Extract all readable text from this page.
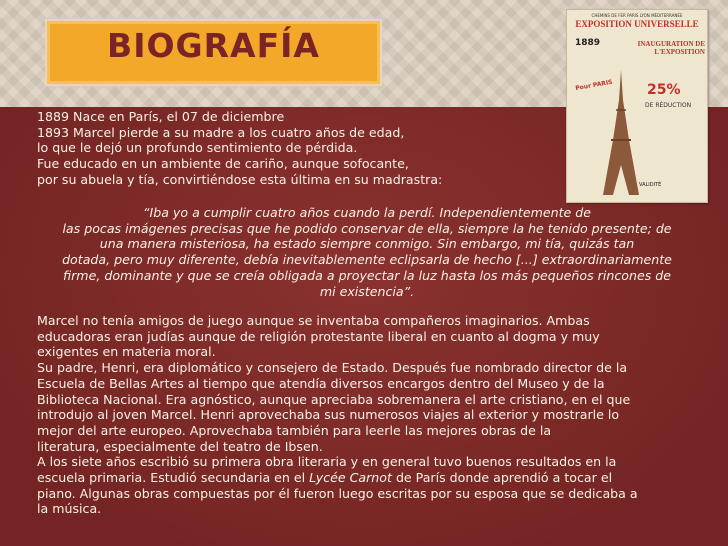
BIOGRAFÍA
CHEMINS DE FER PARIS LYON MÉDITERRANÉE
EXPOSITION UNIVERSELLE
1889	INAUGURATION DE L'EXPOSITION
25%
DE RÉDUCTION
Pour PARIS
VALIDITÉ
1889 Nace en París, el 07 de diciembre
1893 Marcel pierde a su madre a los cuatro años de edad,
lo que le dejó un profundo sentimiento de pérdida.
Fue educado en un ambiente de cariño, aunque sofocante,
por su abuela y tía, convirtiéndose esta última en su madrastra:
“Iba yo a cumplir cuatro años cuando la perdí. Independientemente de
las pocas imágenes precisas que he podido conservar de ella, siempre la he tenido presente; de
una manera misteriosa, ha estado siempre conmigo. Sin embargo, mi tía, quizás tan
dotada, pero muy diferente, debía inevitablemente eclipsarla de hecho [...] extraordinariamente
firme, dominante y que se creía obligada a proyectar la luz hasta los más pequeños rincones de
mi existencia”.
Marcel no tenía amigos de juego aunque se inventaba compañeros imaginarios. Ambas
educadoras eran judías aunque de religión protestante liberal en cuanto al dogma y muy
exigentes en materia moral.
Su padre, Henri, era diplomático y consejero de Estado. Después fue nombrado director de la
Escuela de Bellas Artes al tiempo que atendía diversos encargos dentro del Museo y de la
Biblioteca Nacional. Era agnóstico, aunque apreciaba sobremanera el arte cristiano, en el que
introdujo al joven Marcel. Henri aprovechaba sus numerosos viajes al exterior y mostrarle lo
mejor del arte europeo. Aprovechaba también para leerle las mejores obras de la
literatura, especialmente del teatro de Ibsen.
A los siete años escribió su primera obra literaria y en general tuvo buenos resultados en la
escuela primaria. Estudió secundaria en el Lycée Carnot de París donde aprendió a tocar el
piano. Algunas obras compuestas por él fueron luego escritas por su esposa que se dedicaba a
la música.
